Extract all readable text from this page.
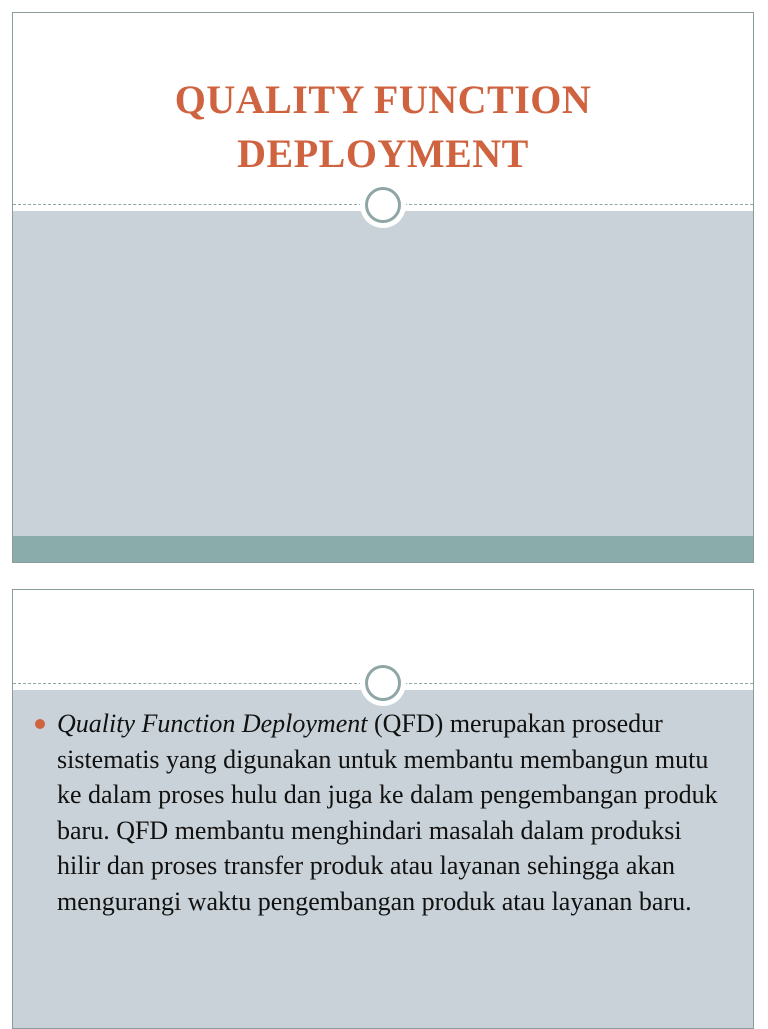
QUALITY FUNCTION
DEPLOYMENT
Quality Function Deployment (QFD) merupakan prosedur sistematis yang digunakan untuk membantu membangun mutu ke dalam proses hulu dan juga ke dalam pengembangan produk baru. QFD membantu menghindari masalah dalam produksi hilir dan proses transfer produk atau layanan sehingga akan mengurangi waktu pengembangan produk atau layanan baru.
